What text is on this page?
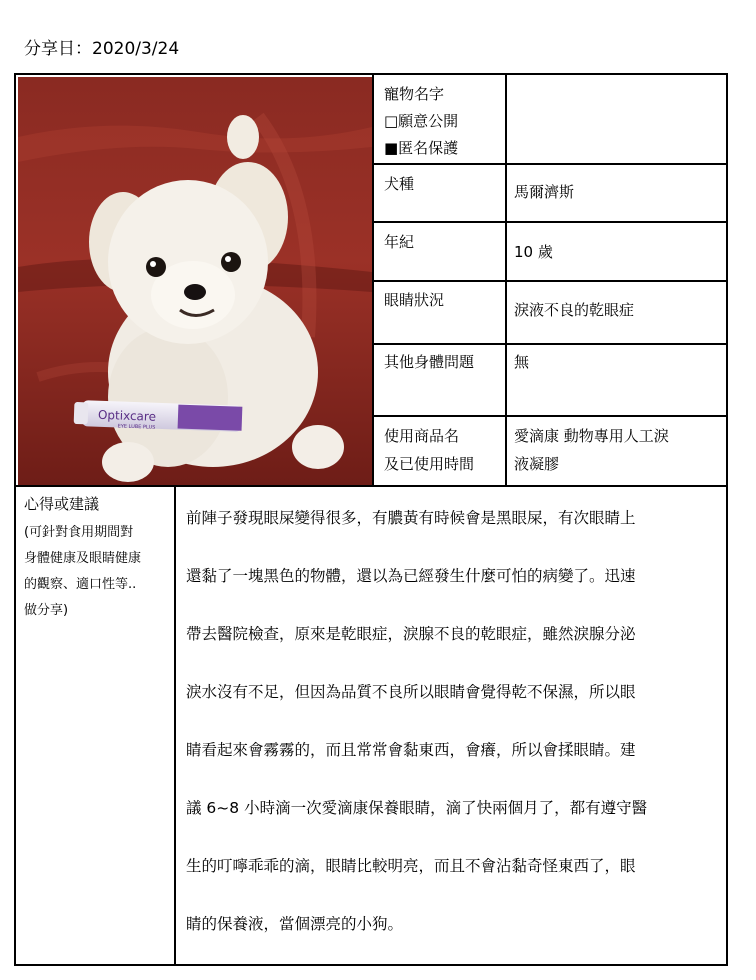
分享日：2020/3/24
Optixcare
EYE LUBE PLUS
寵物名字
□願意公開
■匿名保護
犬種	馬爾濟斯
年紀
10 歲
眼睛狀況
淚液不良的乾眼症
其他身體問題	無
使用商品名
及已使用時間
愛滴康 動物專用人工淚
液凝膠
心得或建議
(可針對食用期間對
身體健康及眼睛健康
的觀察、適口性等..
做分享)
前陣子發現眼屎變得很多，有膿黃有時候會是黑眼屎，有次眼睛上
還黏了一塊黑色的物體，還以為已經發生什麼可怕的病變了。迅速
帶去醫院檢查，原來是乾眼症，淚腺不良的乾眼症，雖然淚腺分泌
淚水沒有不足，但因為品質不良所以眼睛會覺得乾不保濕，所以眼
睛看起來會霧霧的，而且常常會黏東西，會癢，所以會揉眼睛。建
議 6~8 小時滴一次愛滴康保養眼睛，滴了快兩個月了，都有遵守醫
生的叮嚀乖乖的滴，眼睛比較明亮，而且不會沾黏奇怪東西了，眼
睛的保養液，當個漂亮的小狗。
